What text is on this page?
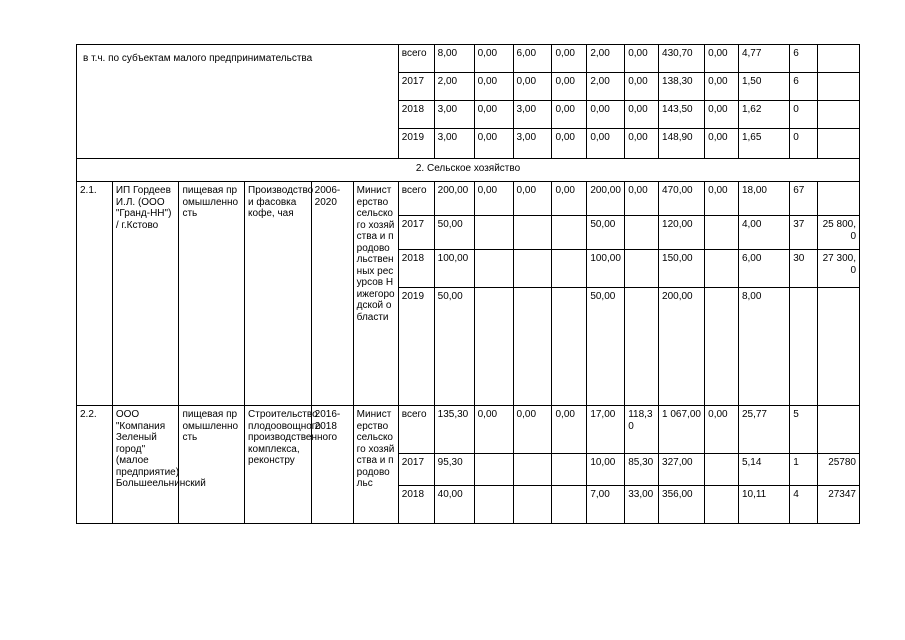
в т.ч. по субъектам малого предпринимательства						всего	8,00	0,00	6,00	0,00	2,00	0,00	430,70	0,00	4,77	6	
						2017	2,00	0,00	0,00	0,00	2,00	0,00	138,30	0,00	1,50	6	
						2018	3,00	0,00	3,00	0,00	0,00	0,00	143,50	0,00	1,62	0	
						2019	3,00	0,00	3,00	0,00	0,00	0,00	148,90	0,00	1,65	0	
2. Сельское хозяйство																	
2.1.	ИП Гордеев И.Л. (ООО "Гранд-НН") / г.Кстово	пищевая промышленность	Производство и фасовка кофе, чая	2006-2020	Министерство сельского хозяйства и продовольственных ресурсов Нижегородской области	всего	200,00	0,00	0,00	0,00	200,00	0,00	470,00	0,00	18,00	67	
						2017	50,00				50,00		120,00		4,00	37	25 800,0
						2018	100,00				100,00		150,00		6,00	30	27 300,0
						2019	50,00				50,00		200,00		8,00		
2.2.	ООО "Компания Зеленый город" (малое предприятие) Большеельнинский	пищевая промышленность	Строительство плодоовощного производственного комплекса, реконстру	2016-2018	Министерство сельского хозяйства и продовольс	всего	135,30	0,00	0,00	0,00	17,00	118,30	1 067,00	0,00	25,77	5	
						2017	95,30				10,00	85,30	327,00		5,14	1	25780
						2018	40,00				7,00	33,00	356,00		10,11	4	27347
